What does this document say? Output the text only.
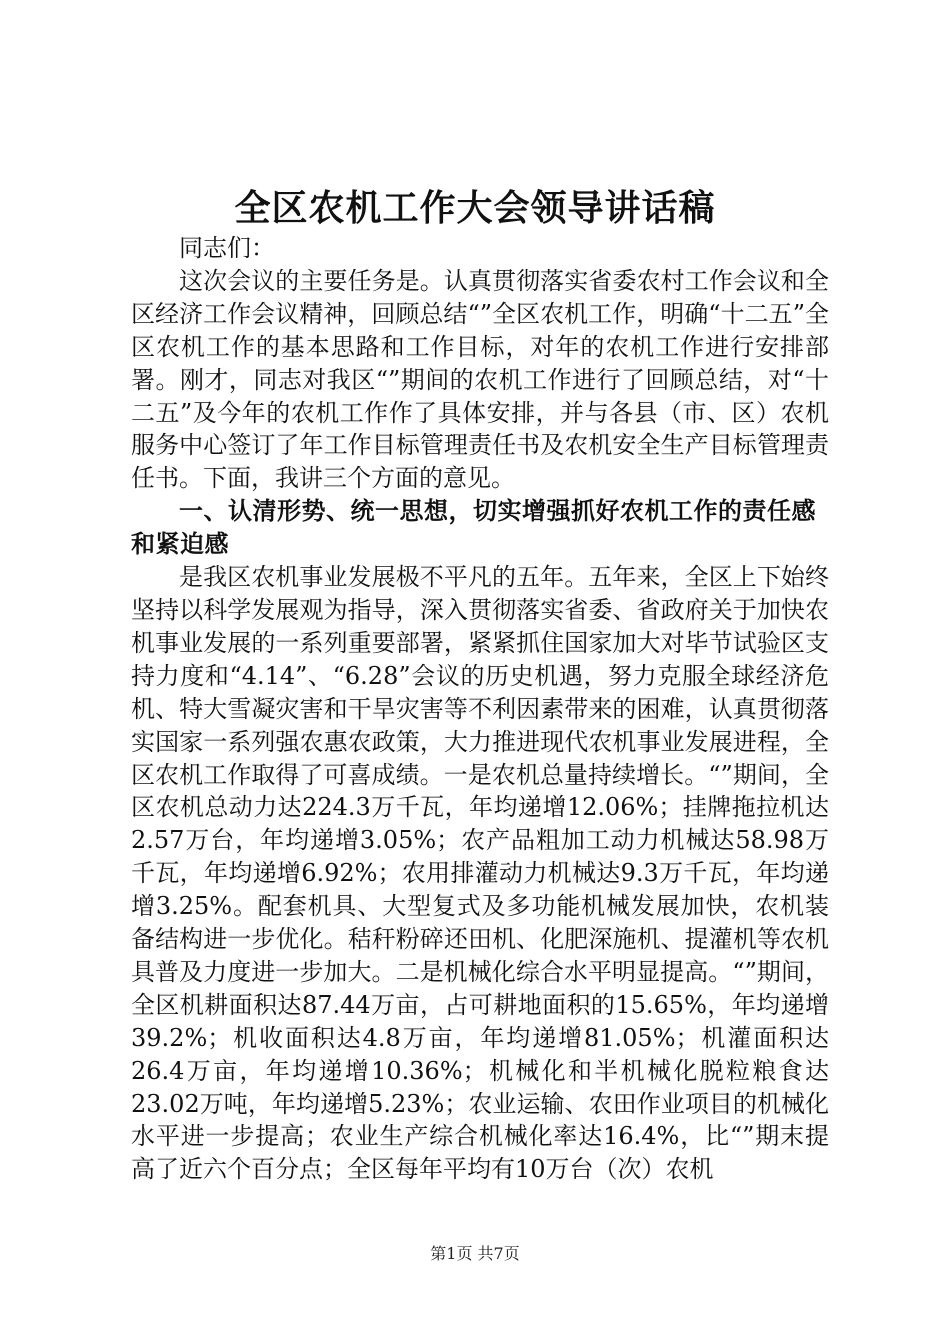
全区农机工作大会领导讲话稿

同志们：

这次会议的主要任务是。认真贯彻落实省委农村工作会议和全区经济工作会议精神，回顾总结“”全区农机工作，明确“十二五”全区农机工作的基本思路和工作目标，对年的农机工作进行安排部署。刚才，同志对我区“”期间的农机工作进行了回顾总结，对“十二五”及今年的农机工作作了具体安排，并与各县（市、区）农机服务中心签订了年工作目标管理责任书及农机安全生产目标管理责任书。下面，我讲三个方面的意见。

一、认清形势、统一思想，切实增强抓好农机工作的责任感和紧迫感

是我区农机事业发展极不平凡的五年。五年来，全区上下始终坚持以科学发展观为指导，深入贯彻落实省委、省政府关于加快农机事业发展的一系列重要部署，紧紧抓住国家加大对毕节试验区支持力度和“4.14”、“6.28”会议的历史机遇，努力克服全球经济危机、特大雪凝灾害和干旱灾害等不利因素带来的困难，认真贯彻落实国家一系列强农惠农政策，大力推进现代农机事业发展进程，全区农机工作取得了可喜成绩。一是农机总量持续增长。“”期间，全区农机总动力达224.3万千瓦，年均递增12.06%；挂牌拖拉机达2.57万台，年均递增3.05%；农产品粗加工动力机械达58.98万千瓦，年均递增6.92%；农用排灌动力机械达9.3万千瓦，年均递增3.25%。配套机具、大型复式及多功能机械发展加快，农机装备结构进一步优化。秸秆粉碎还田机、化肥深施机、提灌机等农机具普及力度进一步加大。二是机械化综合水平明显提高。“”期间，全区机耕面积达87.44万亩，占可耕地面积的15.65%，年均递增39.2%；机收面积达4.8万亩，年均递增81.05%；机灌面积达26.4万亩，年均递增10.36%；机械化和半机械化脱粒粮食达23.02万吨，年均递增5.23%；农业运输、农田作业项目的机械化水平进一步提高；农业生产综合机械化率达16.4%，比“”期末提高了近六个百分点；全区每年平均有10万台（次）农机

第1页 共7页
